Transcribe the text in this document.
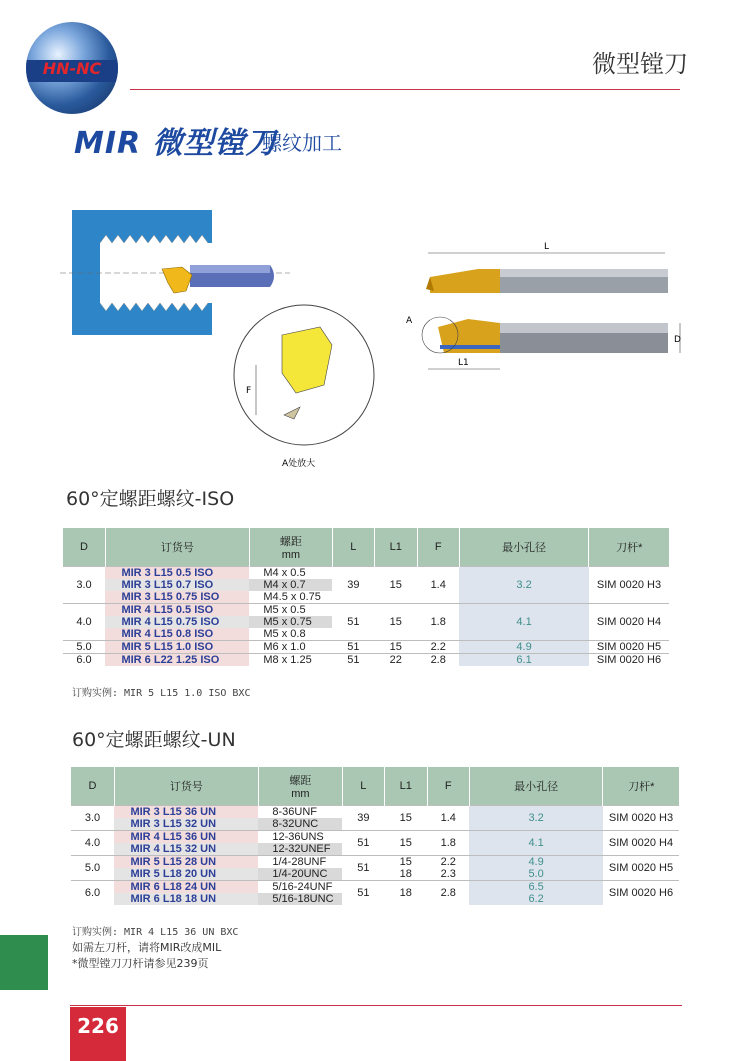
HN-NC	微型镗刀
MIR 微型镗刀
螺纹加工
F
A处放大
L
D
A
L1
60°定螺距螺纹-ISO
D	订货号	螺距
mm	L	L1	F	最小孔径	刀杆*
3.0	MIR 3 L15 0.5 ISO	M4 x 0.5	39	15	1.4	3.2	SIM 0020 H3
	MIR 3 L15 0.7 ISO	M4 x 0.7					
	MIR 3 L15 0.75 ISO	M4.5 x 0.75					
4.0	MIR 4 L15 0.5 ISO	M5 x 0.5	51	15	1.8	4.1	SIM 0020 H4
	MIR 4 L15 0.75 ISO	M5 x 0.75					
	MIR 4 L15 0.8 ISO	M5 x 0.8					
5.0	MIR 5 L15 1.0 ISO	M6 x 1.0	51	15	2.2	4.9	SIM 0020 H5
6.0	MIR 6 L22 1.25 ISO	M8 x 1.25	51	22	2.8	6.1	SIM 0020 H6
订购实例: MIR 5 L15 1.0 ISO BXC
60°定螺距螺纹-UN
D	订货号	螺距
mm	L	L1	F	最小孔径	刀杆*
3.0	MIR 3 L15 36 UN	8-36UNF	39	15	1.4	3.2	SIM 0020 H3
	MIR 3 L15 32 UN	8-32UNC					
4.0	MIR 4 L15 36 UN	12-36UNS	51	15	1.8	4.1	SIM 0020 H4
	MIR 4 L15 32 UN	12-32UNEF					
5.0	MIR 5 L15 28 UN	1/4-28UNF	51	15	2.2	4.9	SIM 0020 H5
	MIR 5 L18 20 UN	1/4-20UNC		18	2.3	5.0	
6.0	MIR 6 L18 24 UN	5/16-24UNF	51	18	2.8	6.5	SIM 0020 H6
	MIR 6 L18 18 UN	5/16-18UNC				6.2	
订购实例: MIR 4 L15 36 UN BXC
如需左刀杆，请将MIR改成MIL
*微型镗刀刀杆请参见239页
226
